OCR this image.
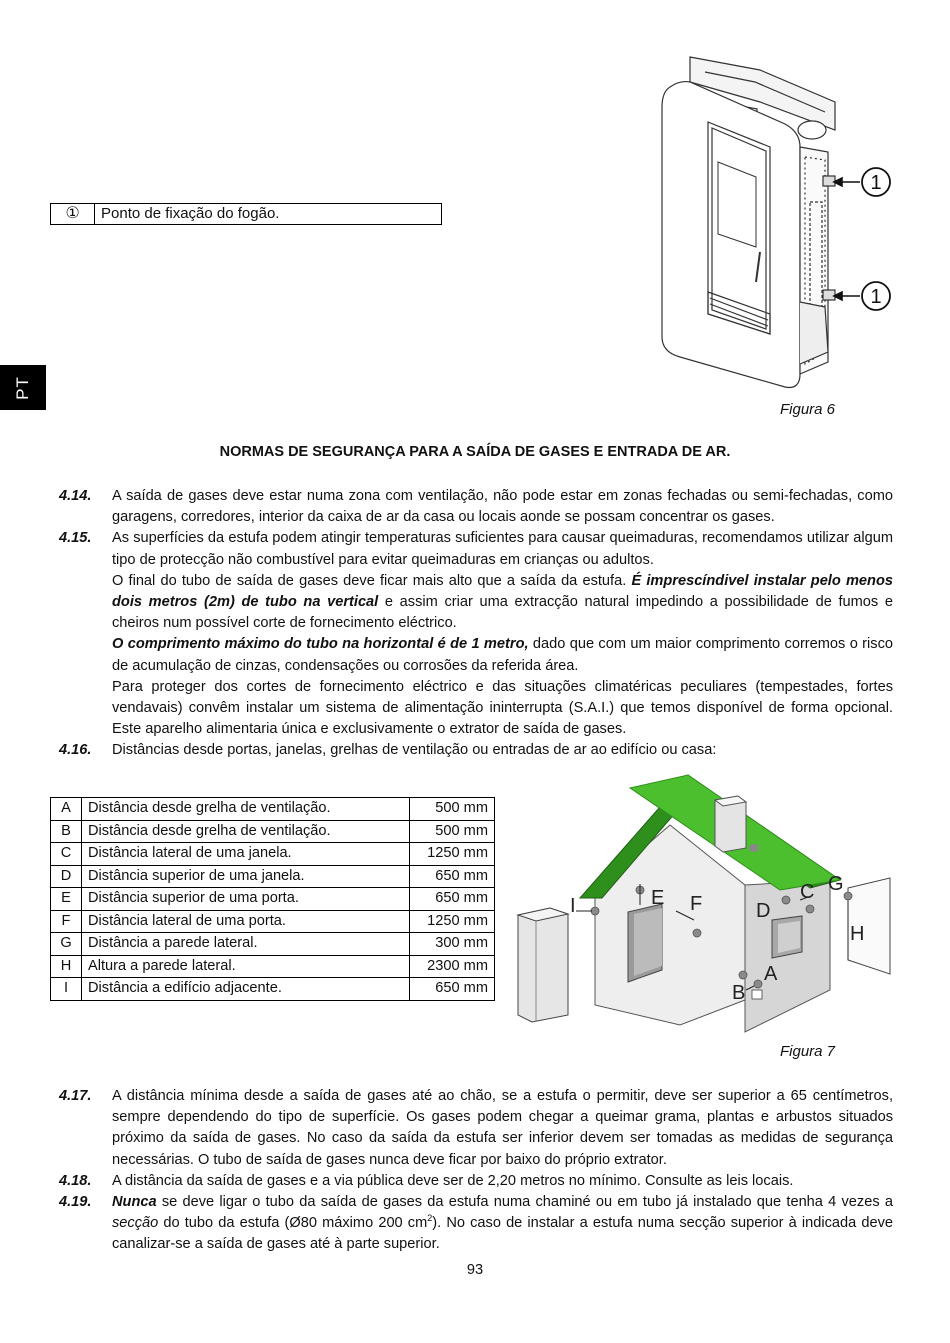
①	Ponto de fixação do fogão.
PT
1
1
Figura 6
NORMAS DE SEGURANÇA PARA A SAÍDA DE GASES E ENTRADA DE AR.
4.14.	A saída de gases deve estar numa zona com ventilação, não pode estar em zonas fechadas ou semi-fechadas, como garagens, corredores, interior da caixa de ar da casa ou locais aonde se possam concentrar os gases.
4.15.	As superfícies da estufa podem atingir temperaturas suficientes para causar queimaduras, recomendamos utilizar algum tipo de protecção não combustível para evitar queimaduras em crianças ou adultos.

O final do tubo de saída de gases deve ficar mais alto que a saída da estufa. É imprescíndivel instalar pelo menos dois metros (2m) de tubo na vertical e assim criar uma extracção natural impedindo a possibilidade de fumos e cheiros num possível corte de fornecimento eléctrico.

O comprimento máximo do tubo na horizontal é de 1 metro, dado que com um maior comprimento corremos o risco de acumulação de cinzas, condensações ou corrosões da referida área.

Para proteger dos cortes de fornecimento eléctrico e das situações climatéricas peculiares (tempestades, fortes vendavais) convêm instalar um sistema de alimentação ininterrupta (S.A.I.) que temos disponível de forma opcional. Este aparelho alimentaria única e exclusivamente o extrator de saída de gases.

4.16.	Distâncias desde portas, janelas, grelhas de ventilação ou entradas de ar ao edifício ou casa:
A	Distância desde grelha de ventilação.	500 mm
B	Distância desde grelha de ventilação.	500 mm
C	Distância lateral de uma janela.	1250 mm
D	Distância superior de uma janela.	650 mm
E	Distância superior de uma porta.	650 mm
F	Distância lateral de uma porta.	1250 mm
G	Distância a parede lateral.	300 mm
H	Altura a parede lateral.	2300 mm
I	Distância a edifício adjacente.	650 mm
I	E F	D
C G
H
A
B
Figura 7
4.17.	A distância mínima desde a saída de gases até ao chão, se a estufa o permitir, deve ser superior a 65 centímetros, sempre dependendo do tipo de superfície. Os gases podem chegar a queimar grama, plantas e arbustos situados próximo da saída de gases. No caso da saída da estufa ser inferior devem ser tomadas as medidas de segurança necessárias. O tubo de saída de gases nunca deve ficar por baixo do próprio extrator.
4.18.	A distância da saída de gases e a via pública deve ser de 2,20 metros no mínimo. Consulte as leis locais.
4.19.	Nunca se deve ligar o tubo da saída de gases da estufa numa chaminé ou em tubo já instalado que tenha 4 vezes a secção do tubo da estufa (Ø80 máximo 200 $cm^2$). No caso de instalar a estufa numa secção superior à indicada deve canalizar-se a saída de gases até à parte superior.
93
